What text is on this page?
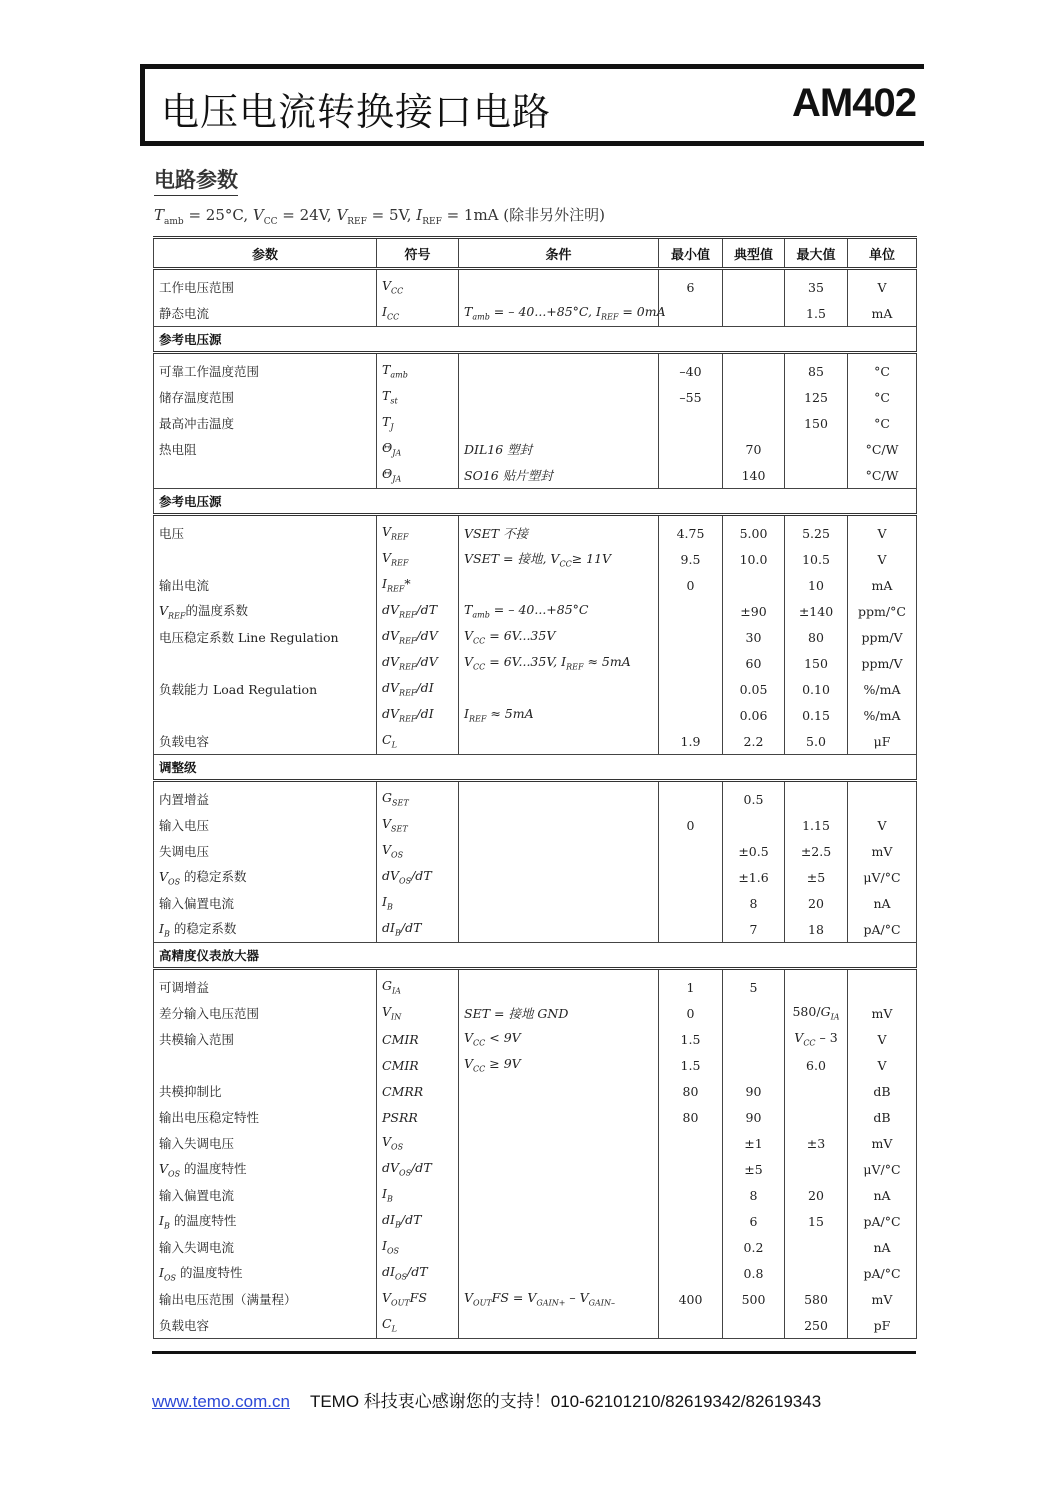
电压电流转换接口电路	AM402
电路参数
$T_{amb} = 25^\circ C$, $V_{CC} = 24V$, $V_{REF} = 5V$, $I_{REF} = 1mA$ (除非另外注明)
参数	符号	条件	最小值	典型值	最大值	单位
工作电压范围	$V_{CC}$		6		35	V
静态电流	$I_{CC}$	$T_{amb}$ = – 40...+85°C, $I_{REF} = 0mA$			1.5	mA
参考电压源						
可靠工作温度范围	$T_{amb}$		–40		85	°C
储存温度范围	$T_{st}$		–55		125	°C
最高冲击温度	$T_J$				150	°C
热电阻	$\Theta_{JA}$	DIL16 塑封		70		°C/W
	$\Theta_{JA}$	SO16 贴片塑封		140		°C/W
参考电压源						
电压	$V_{REF}$	VSET 不接	4.75	5.00	5.25	V
	$V_{REF}$	VSET = 接地, $V_{CC}\ge 11V$	9.5	10.0	10.5	V
输出电流	$I_{REF}*$		0		10	mA
$V_{REF}$的温度系数	$dV_{REF}/dT$	$T_{amb}$ = – 40...+85°C		±90	±140	ppm/°C
电压稳定系数 Line Regulation	$dV_{REF}/dV$	$V_{CC} = 6V...35V$		30	80	ppm/V
	$dV_{REF}/dV$	$V_{CC} = 6V...35V$, $I_{REF} \approx 5mA$		60	150	ppm/V
负载能力 Load Regulation	$dV_{REF}/dI$			0.05	0.10	%/mA
	$dV_{REF}/dI$	$I_{REF} \approx 5mA$		0.06	0.15	%/mA
负载电容	$C_L$		1.9	2.2	5.0	μF
调整级						
内置增益	$G_{SET}$			0.5		
输入电压	$V_{SET}$		0		1.15	V
失调电压	$V_{OS}$			±0.5	±2.5	mV
$V_{OS}$ 的稳定系数	$dV_{OS}/dT$			±1.6	±5	μV/°C
输入偏置电流	$I_B$			8	20	nA
$I_B$ 的稳定系数	$dI_B/dT$			7	18	pA/°C
高精度仪表放大器						
可调增益	$G_{IA}$		1	5		
差分输入电压范围	$V_{IN}$	SET = 接地 GND	0		$580/G_{IA}$	mV
共模输入范围	CMIR	$V_{CC} < 9V$	1.5		$V_{CC} - 3$	V
	CMIR	$V_{CC} \ge 9V$	1.5		6.0	V
共模抑制比	CMRR		80	90		dB
输出电压稳定特性	PSRR		80	90		dB
输入失调电压	$V_{OS}$			±1	±3	mV
$V_{OS}$ 的温度特性	$dV_{OS}/dT$			±5		μV/°C
输入偏置电流	$I_B$			8	20	nA
$I_B$ 的温度特性	$dI_B/dT$			6	15	pA/°C
输入失调电流	$I_{OS}$			0.2		nA
$I_{OS}$ 的温度特性	$dI_{OS}/dT$			0.8		pA/°C
输出电压范围（满量程）	$V_{OUT}FS$	$V_{OUT}FS = V_{GAIN+} - V_{GAIN-}$	400	500	580	mV
负载电容	$C_L$				250	pF
www.temo.com.cn TEMO 科技衷心感谢您的支持！010-62101210/82619342/82619343
